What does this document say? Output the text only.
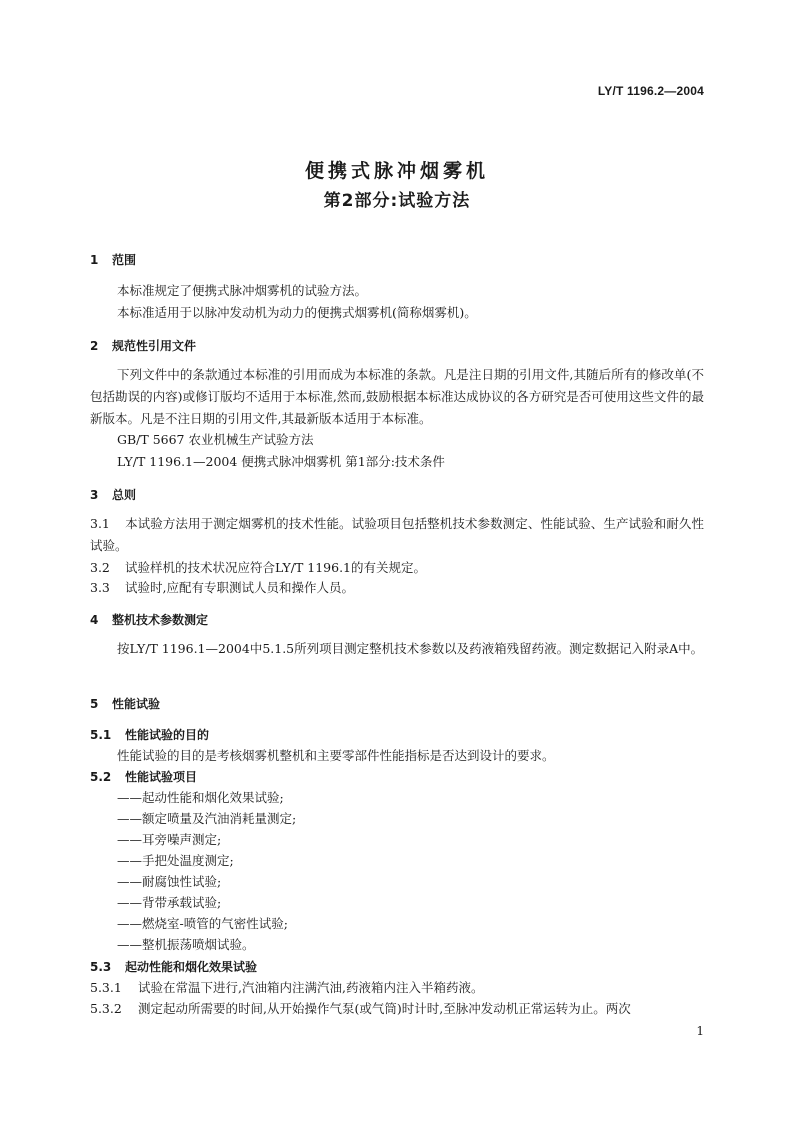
LY/T 1196.2—2004
便携式脉冲烟雾机
第2部分:试验方法
1 范围
本标准规定了便携式脉冲烟雾机的试验方法。
本标准适用于以脉冲发动机为动力的便携式烟雾机(简称烟雾机)。
2 规范性引用文件
下列文件中的条款通过本标准的引用而成为本标准的条款。凡是注日期的引用文件,其随后所有的修改单(不包括勘误的内容)或修订版均不适用于本标准,然而,鼓励根据本标准达成协议的各方研究是否可使用这些文件的最新版本。凡是不注日期的引用文件,其最新版本适用于本标准。
GB/T 5667 农业机械生产试验方法
LY/T 1196.1—2004 便携式脉冲烟雾机 第1部分:技术条件
3 总则
3.1 本试验方法用于测定烟雾机的技术性能。试验项目包括整机技术参数测定、性能试验、生产试验和耐久性试验。
3.2 试验样机的技术状况应符合LY/T 1196.1的有关规定。
3.3 试验时,应配有专职测试人员和操作人员。
4 整机技术参数测定
按LY/T 1196.1—2004中5.1.5所列项目测定整机技术参数以及药液箱残留药液。测定数据记入附录A中。
5 性能试验
5.1 性能试验的目的
性能试验的目的是考核烟雾机整机和主要零部件性能指标是否达到设计的要求。
5.2 性能试验项目
——起动性能和烟化效果试验;
——额定喷量及汽油消耗量测定;
——耳旁噪声测定;
——手把处温度测定;
——耐腐蚀性试验;
——背带承载试验;
——燃烧室-喷管的气密性试验;
——整机振荡喷烟试验。
5.3 起动性能和烟化效果试验
5.3.1 试验在常温下进行,汽油箱内注满汽油,药液箱内注入半箱药液。
5.3.2 测定起动所需要的时间,从开始操作气泵(或气筒)时计时,至脉冲发动机正常运转为止。两次
1
